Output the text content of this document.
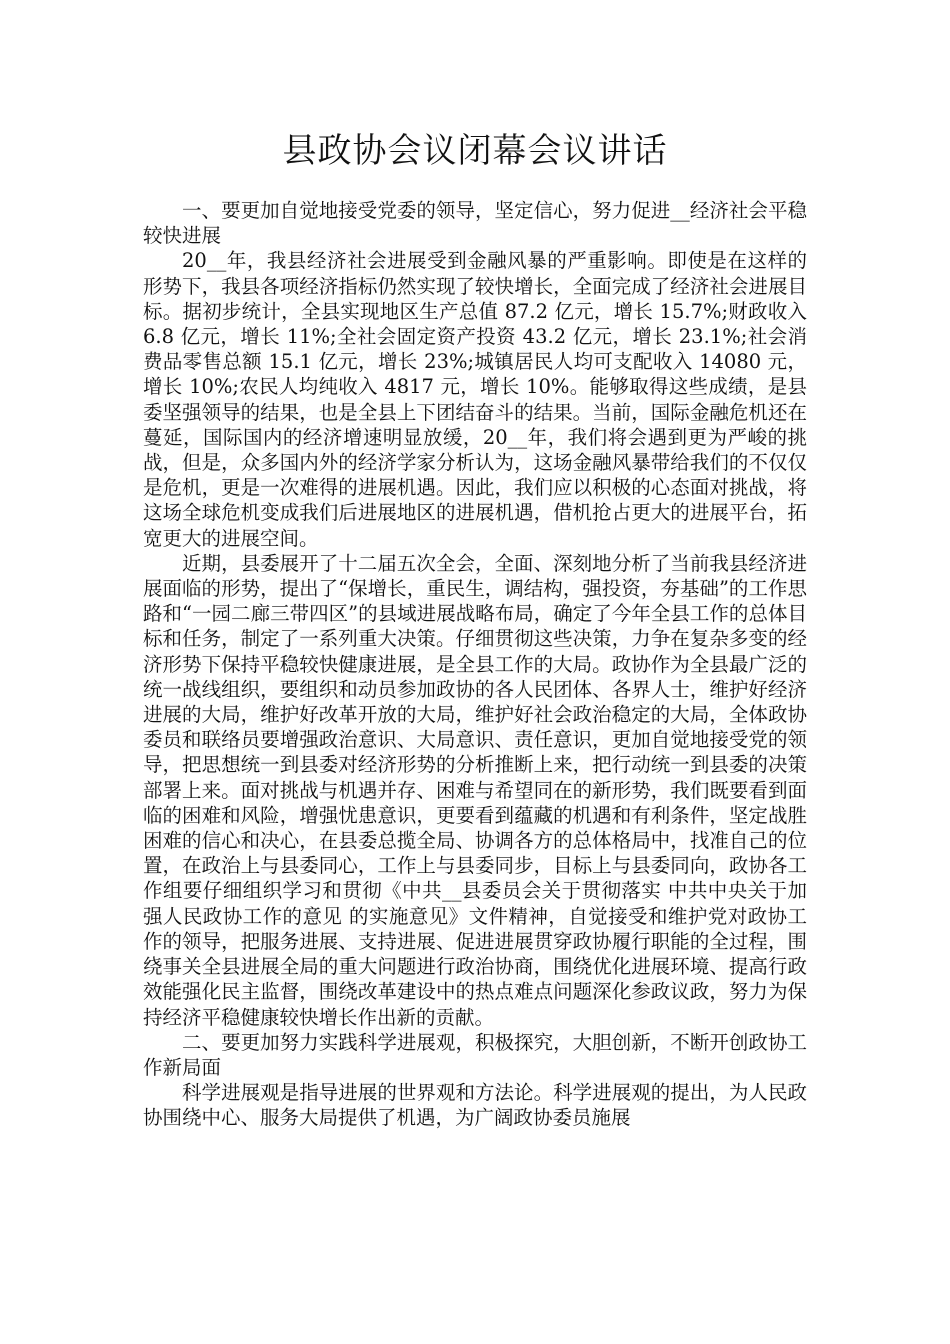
县政协会议闭幕会议讲话

一、要更加自觉地接受党委的领导，坚定信心，努力促进__经济社会平稳较快进展

20__年，我县经济社会进展受到金融风暴的严重影响。即使是在这样的形势下，我县各项经济指标仍然实现了较快增长，全面完成了经济社会进展目标。据初步统计，全县实现地区生产总值 87.2 亿元，增长 15.7%;财政收入 6.8 亿元，增长 11%;全社会固定资产投资 43.2 亿元，增长 23.1%;社会消费品零售总额 15.1 亿元，增长 23%;城镇居民人均可支配收入 14080 元，增长 10%;农民人均纯收入 4817 元，增长 10%。能够取得这些成绩，是县委坚强领导的结果，也是全县上下团结奋斗的结果。当前，国际金融危机还在蔓延，国际国内的经济增速明显放缓，20__年，我们将会遇到更为严峻的挑战，但是，众多国内外的经济学家分析认为，这场金融风暴带给我们的不仅仅是危机，更是一次难得的进展机遇。因此，我们应以积极的心态面对挑战，将这场全球危机变成我们后进展地区的进展机遇，借机抢占更大的进展平台，拓宽更大的进展空间。

近期，县委展开了十二届五次全会，全面、深刻地分析了当前我县经济进展面临的形势，提出了“保增长，重民生，调结构，强投资，夯基础”的工作思路和“一园二廊三带四区”的县域进展战略布局，确定了今年全县工作的总体目标和任务，制定了一系列重大决策。仔细贯彻这些决策，力争在复杂多变的经济形势下保持平稳较快健康进展，是全县工作的大局。政协作为全县最广泛的统一战线组织，要组织和动员参加政协的各人民团体、各界人士，维护好经济进展的大局，维护好改革开放的大局，维护好社会政治稳定的大局，全体政协委员和联络员要增强政治意识、大局意识、责任意识，更加自觉地接受党的领导，把思想统一到县委对经济形势的分析推断上来，把行动统一到县委的决策部署上来。面对挑战与机遇并存、困难与希望同在的新形势，我们既要看到面临的困难和风险，增强忧患意识，更要看到蕴藏的机遇和有利条件，坚定战胜困难的信心和决心，在县委总揽全局、协调各方的总体格局中，找准自己的位置，在政治上与县委同心，工作上与县委同步，目标上与县委同向，政协各工作组要仔细组织学习和贯彻《中共__县委员会关于贯彻落实 中共中央关于加强人民政协工作的意见 的实施意见》文件精神，自觉接受和维护党对政协工作的领导，把服务进展、支持进展、促进进展贯穿政协履行职能的全过程，围绕事关全县进展全局的重大问题进行政治协商，围绕优化进展环境、提高行政效能强化民主监督，围绕改革建设中的热点难点问题深化参政议政，努力为保持经济平稳健康较快增长作出新的贡献。

二、要更加努力实践科学进展观，积极探究，大胆创新，不断开创政协工作新局面

科学进展观是指导进展的世界观和方法论。科学进展观的提出，为人民政协围绕中心、服务大局提供了机遇，为广阔政协委员施展
